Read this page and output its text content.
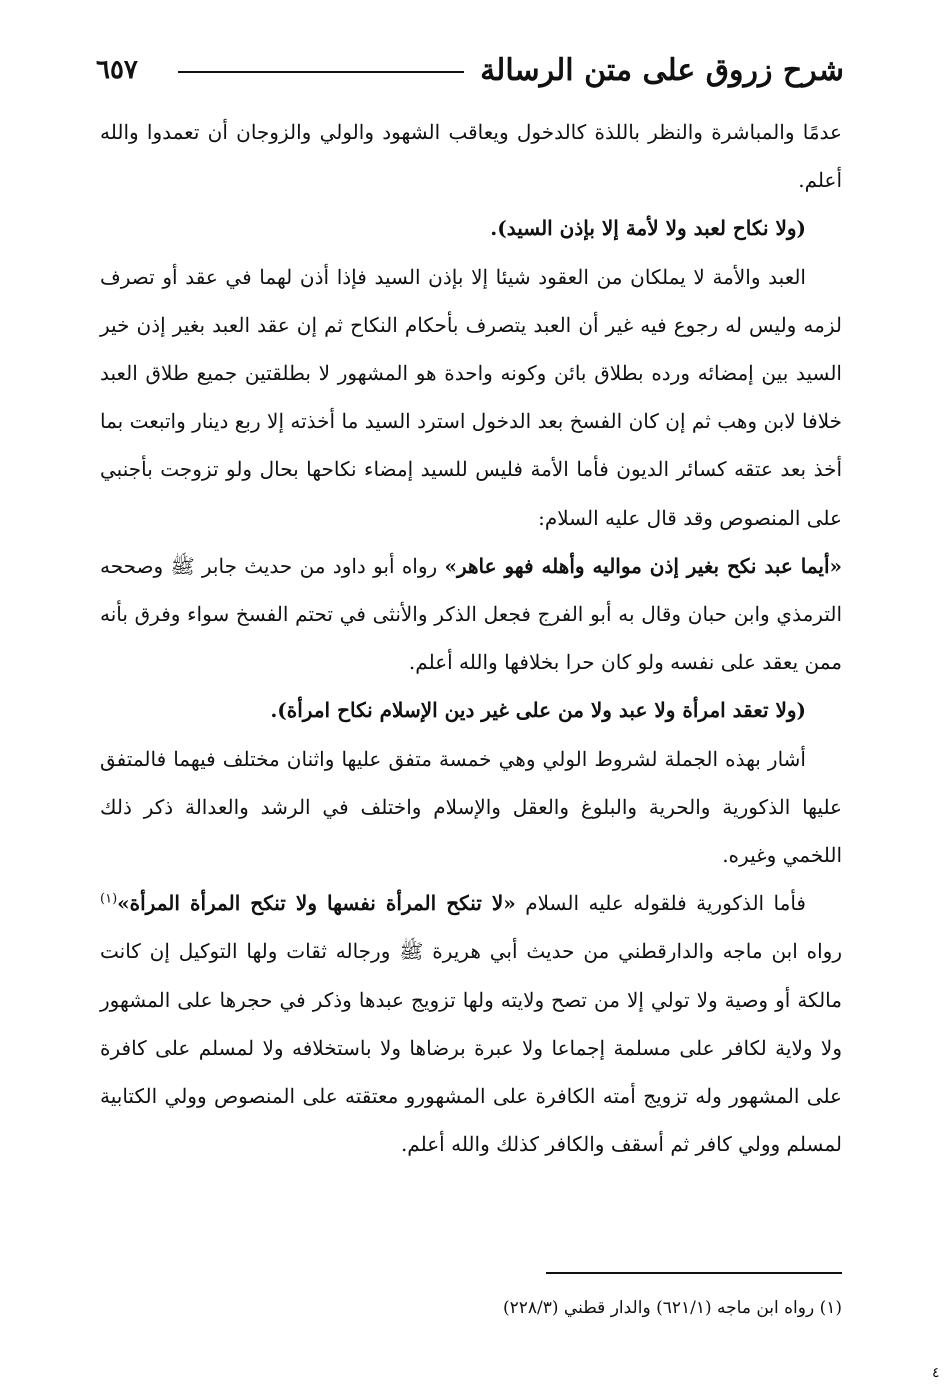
شرح زروق على متن الرسالة
٦٥٧

عدمًا والمباشرة والنظر باللذة كالدخول ويعاقب الشهود والولي والزوجان أن تعمدوا والله أعلم.

(ولا نكاح لعبد ولا لأمة إلا بإذن السيد).

العبد والأمة لا يملكان من العقود شيئا إلا بإذن السيد فإذا أذن لهما في عقد أو تصرف لزمه وليس له رجوع فيه غير أن العبد يتصرف بأحكام النكاح ثم إن عقد العبد بغير إذن خير السيد بين إمضائه ورده بطلاق بائن وكونه واحدة هو المشهور لا بطلقتين جميع طلاق العبد خلافا لابن وهب ثم إن كان الفسخ بعد الدخول استرد السيد ما أخذته إلا ربع دينار واتبعت بما أخذ بعد عتقه كسائر الديون فأما الأمة فليس للسيد إمضاء نكاحها بحال ولو تزوجت بأجنبي على المنصوص وقد قال عليه السلام:
«أيما عبد نكح بغير إذن مواليه وأهله فهو عاهر» رواه أبو داود من حديث جابر ﷺ وصححه الترمذي وابن حبان وقال به أبو الفرج فجعل الذكر والأنثى في تحتم الفسخ سواء وفرق بأنه ممن يعقد على نفسه ولو كان حرا بخلافها والله أعلم.

(ولا تعقد امرأة ولا عبد ولا من على غير دين الإسلام نكاح امرأة).

أشار بهذه الجملة لشروط الولي وهي خمسة متفق عليها واثنان مختلف فيهما فالمتفق عليها الذكورية والحرية والبلوغ والعقل والإسلام واختلف في الرشد والعدالة ذكر ذلك اللخمي وغيره.

فأما الذكورية فلقوله عليه السلام «لا تنكح المرأة نفسها ولا تنكح المرأة المرأة»$^{(١)}$ رواه ابن ماجه والدارقطني من حديث أبي هريرة ﷺ ورجاله ثقات ولها التوكيل إن كانت مالكة أو وصية ولا تولي إلا من تصح ولايته ولها تزويج عبدها وذكر في حجرها على المشهور ولا ولاية لكافر على مسلمة إجماعا ولا عبرة برضاها ولا باستخلافه ولا لمسلم على كافرة على المشهور وله تزويج أمته الكافرة على المشهورو معتقته على المنصوص وولي الكتابية لمسلم وولي كافر ثم أسقف والكافر كذلك والله أعلم.

(١) رواه ابن ماجه (٦٢١/١) والدار قطني (٢٢٨/٣)
٤
